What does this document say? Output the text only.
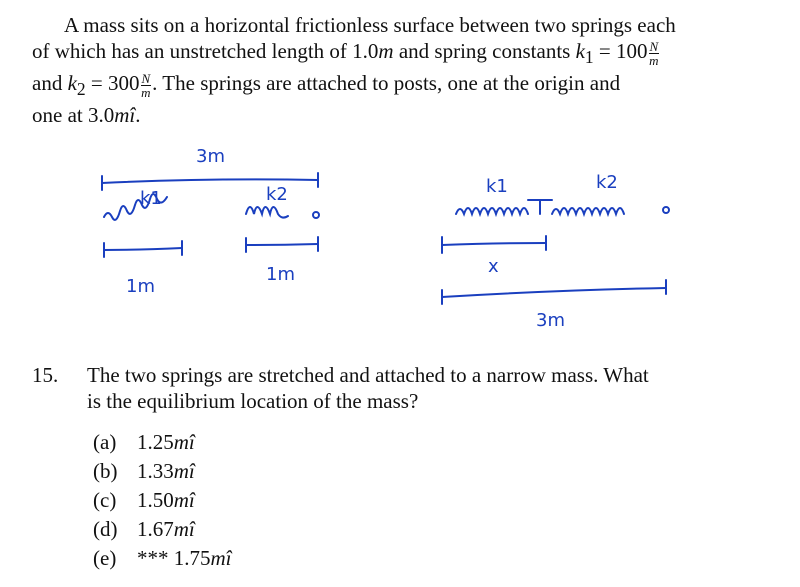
A mass sits on a horizontal frictionless surface between two springs each
of which has an unstretched length of 1.0m and spring constants $k_1 = 100 \frac{N}{m}$
and $k_2 = 300 \frac{N}{m}$ . The springs are attached to posts, one at the origin and
one at 3.0mî.
3m
k1	k2
1m
1m
k1	k2
x
3m
15. The two springs are stretched and attached to a narrow mass. What
is the equilibrium location of the mass?
(a) 1.25mî
(b) 1.33mî
(c) 1.50mî
(d) 1.67mî
(e) *** 1.75mî
